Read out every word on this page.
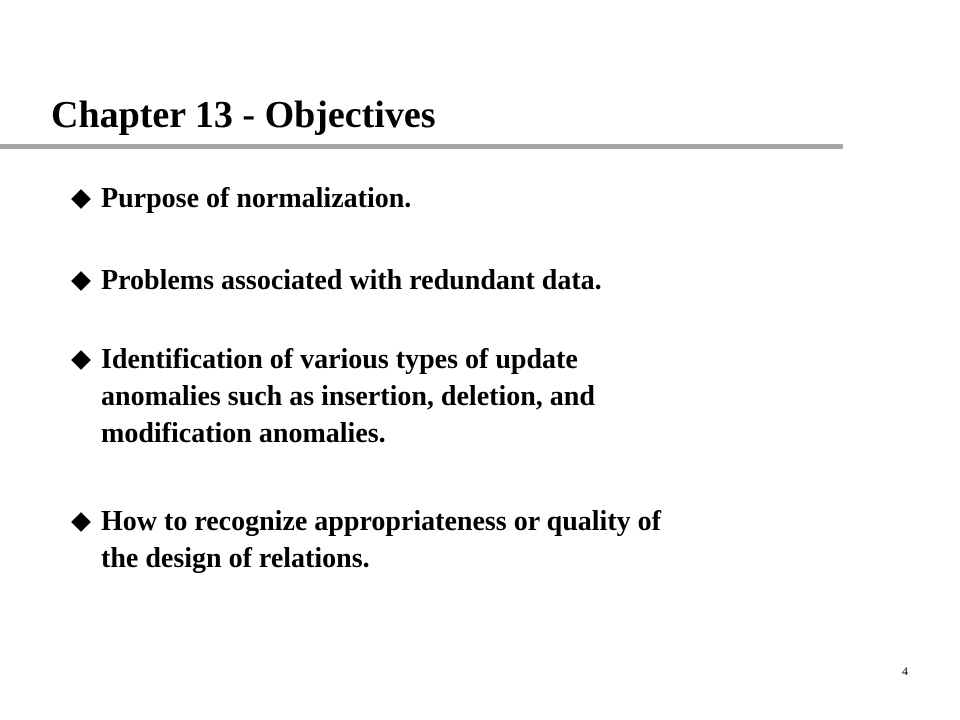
Chapter 13 - Objectives
Purpose of normalization.
Problems associated with redundant data.
Identification of various types of update
anomalies such as insertion, deletion, and
modification anomalies.
How to recognize appropriateness or quality of
the design of relations.
4
